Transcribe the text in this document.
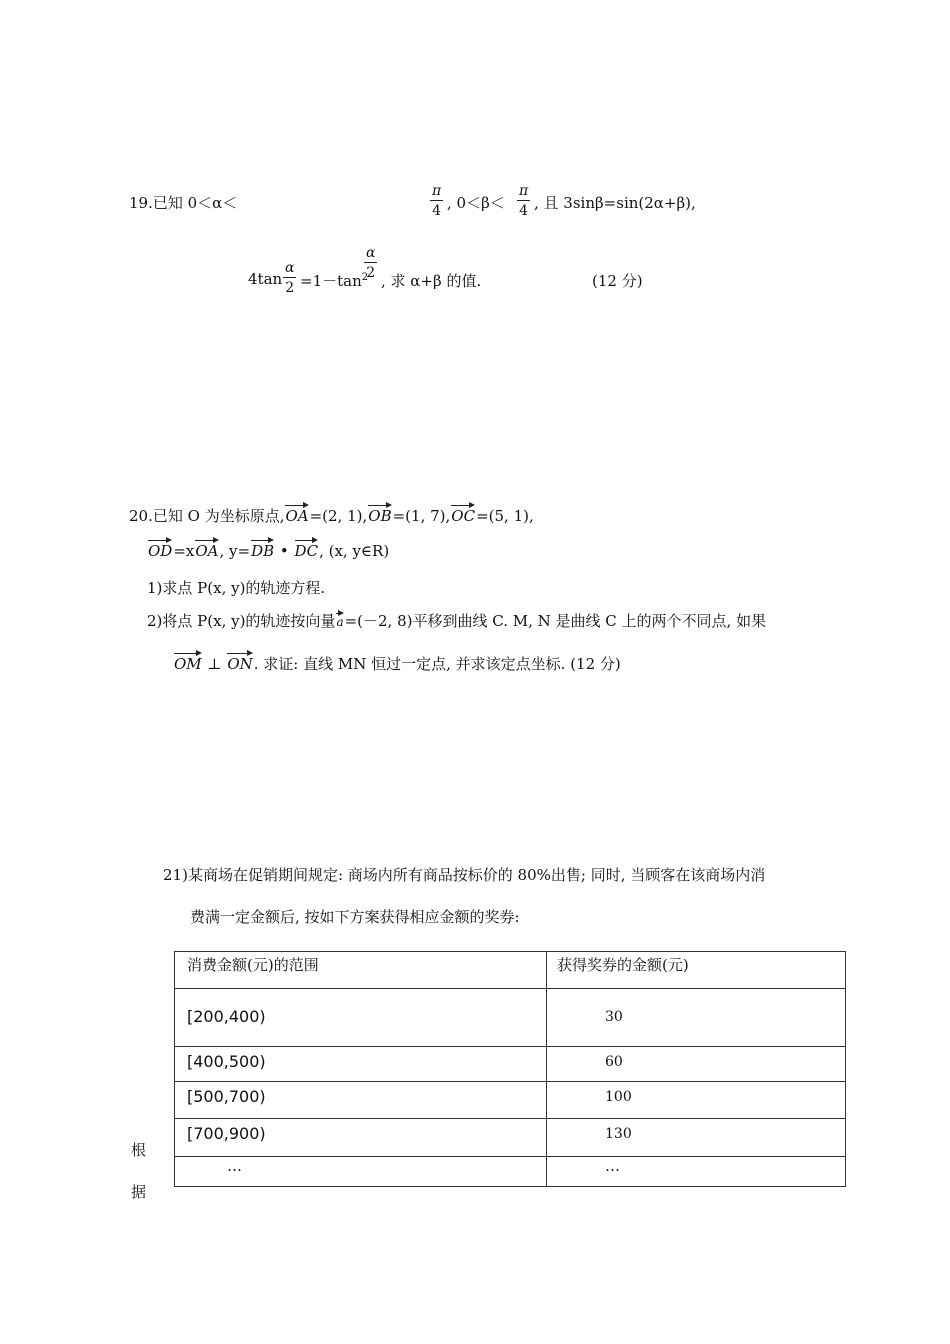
19.已知 0＜α＜	$\frac{\pi}{4}$ , $0<\beta< \frac{\pi}{4}$ , 且 3sinβ=sin(2α+β),
$4\tan \frac{\alpha}{2} =1-\tan^2$
$\frac{\alpha}{2}$
, 求 α+β 的值.	(12 分)
20.已知 O 为坐标原点,OA=(2, 1),OB=(1, 7),OC=(5, 1),
OD=xOA, y=DB • DC, (x, y∈R)
1)求点 P(x, y)的轨迹方程.
2)将点 P(x, y)的轨迹按向量a=(－2, 8)平移到曲线 C. M, N 是曲线 C 上的两个不同点, 如果
OM ⊥ ON. 求证: 直线 MN 恒过一定点, 并求该定点坐标. (12 分)
21)某商场在促销期间规定: 商场内所有商品按标价的 80%出售; 同时, 当顾客在该商场内消
费满一定金额后, 按如下方案获得相应金额的奖券:
消费金额(元)的范围	获得奖券的金额(元)
[200,400)	30
[400,500)	60
[500,700)	100
[700,900)	130
…	…
根
据
